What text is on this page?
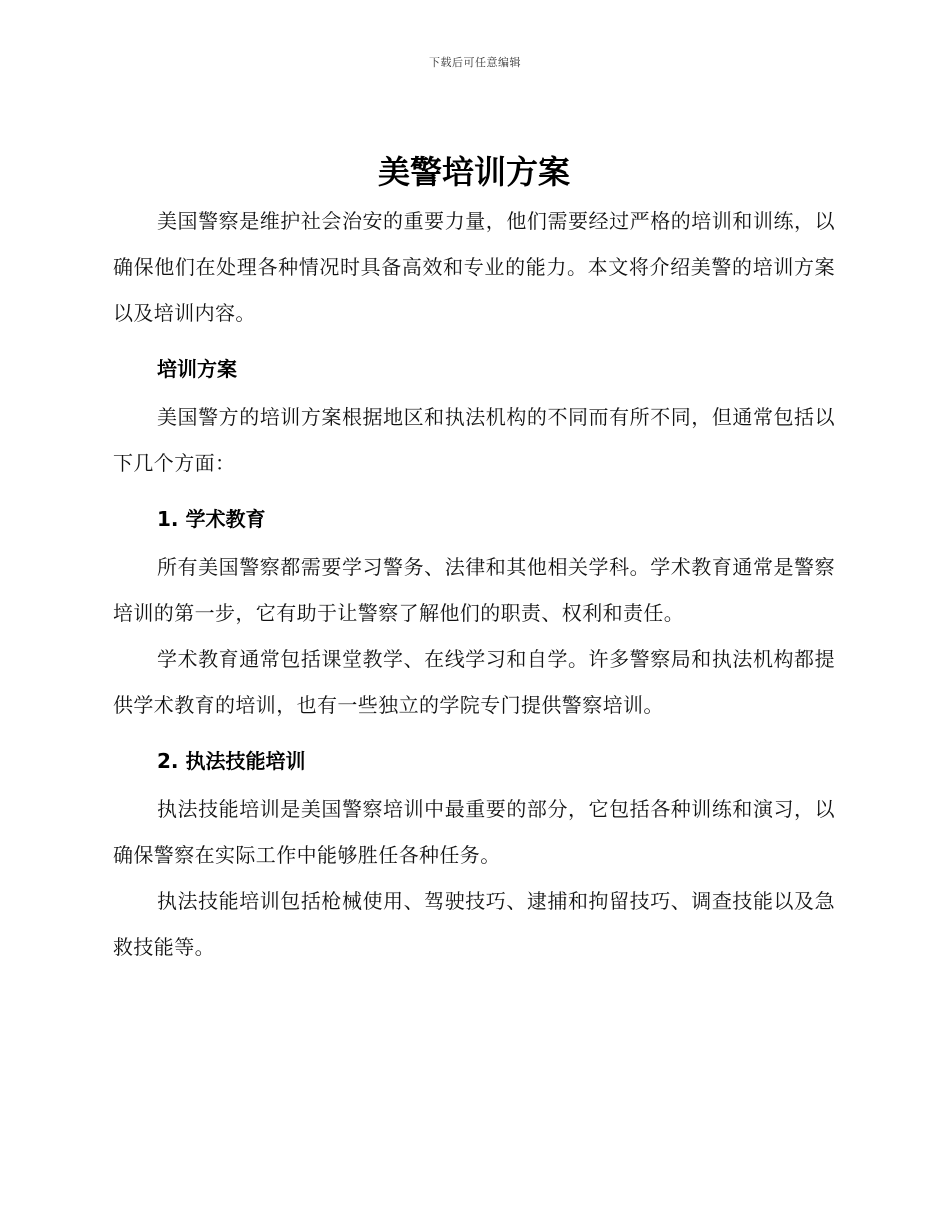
下载后可任意编辑
美警培训方案

美国警察是维护社会治安的重要力量，他们需要经过严格的培训和训练，以确保他们在处理各种情况时具备高效和专业的能力。本文将介绍美警的培训方案以及培训内容。

培训方案

美国警方的培训方案根据地区和执法机构的不同而有所不同，但通常包括以下几个方面：

1. 学术教育

所有美国警察都需要学习警务、法律和其他相关学科。学术教育通常是警察培训的第一步，它有助于让警察了解他们的职责、权利和责任。

学术教育通常包括课堂教学、在线学习和自学。许多警察局和执法机构都提供学术教育的培训，也有一些独立的学院专门提供警察培训。

2. 执法技能培训

执法技能培训是美国警察培训中最重要的部分，它包括各种训练和演习，以确保警察在实际工作中能够胜任各种任务。

执法技能培训包括枪械使用、驾驶技巧、逮捕和拘留技巧、调查技能以及急救技能等。
